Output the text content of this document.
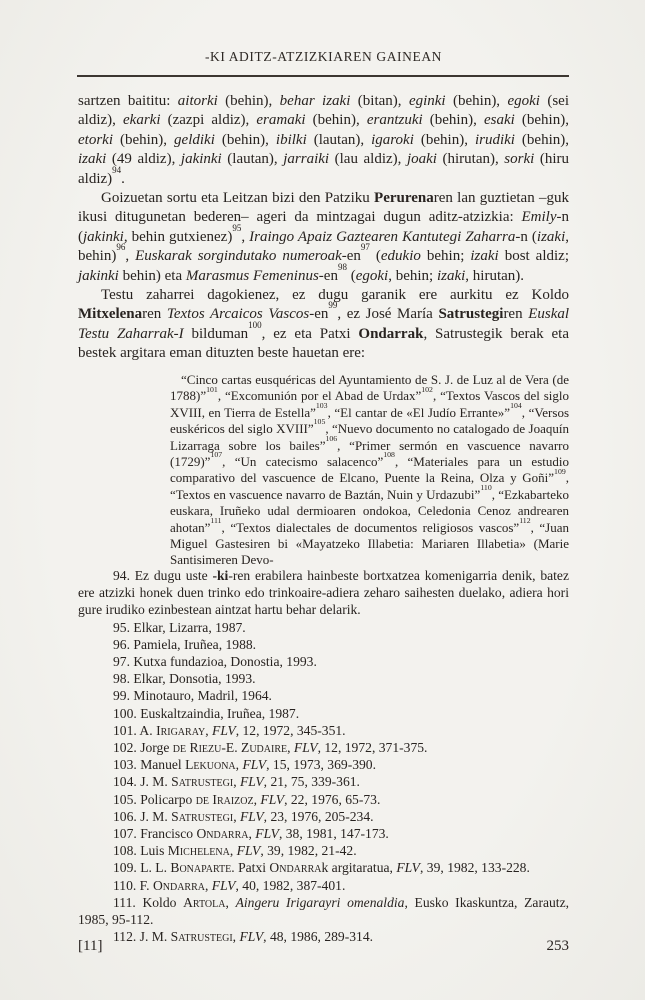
-KI ADITZ-ATZIZKIAREN GAINEAN

sartzen baititu: aitorki (behin), behar izaki (bitan), eginki (behin), egoki (sei aldiz), ekarki (zazpi aldiz), eramaki (behin), erantzuki (behin), esaki (behin), etorki (behin), geldiki (behin), ibilki (lautan), igaroki (behin), irudiki (behin), izaki (49 aldiz), jakinki (lautan), jarraiki (lau aldiz), joaki (hirutan), sorki (hiru aldiz)$^{94}$.

Goizuetan sortu eta Leitzan bizi den Patziku Perurenaren lan guztietan –guk ikusi ditugunetan bederen– ageri da mintzagai dugun aditz-atzizkia: Emily-n (jakinki, behin gutxienez)$^{95}$, Iraingo Apaiz Gaztearen Kantutegi Zaharra-n (izaki, behin)$^{96}$, Euskarak sorgindutako numeroak-$en^{97}$ (edukio behin; izaki bost aldiz; jakinki behin) eta Marasmus Femeninus-$en^{98}$ (egoki, behin; izaki, hirutan).

Testu zaharrei dagokienez, ez dugu garanik ere aurkitu ez Koldo Mitxelenaren Textos Arcaicos Vascos-$en^{99}$, ez José María Satrustegiren Euskal Testu Zaharrak-I bilduman$^{100}$, ez eta Patxi Ondarrak, Satrustegik berak eta bestek argitara eman dituzten beste hauetan ere:

“Cinco cartas eusquéricas del Ayuntamiento de S. J. de Luz al de Vera (de 1788)”$^{101}$, “Excomunión por el Abad de Urdax”$^{102}$, “Textos Vascos del siglo XVIII, en Tierra de Estella”$^{103}$, “El cantar de «El Judío Errante»”$^{104}$, “Versos euskéricos del siglo XVIII”$^{105}$, “Nuevo documento no catalogado de Joaquín Lizarraga sobre los bailes”$^{106}$, “Primer sermón en vascuence navarro (1729)”$^{107}$, “Un catecismo salacenco”$^{108}$, “Materiales para un estudio comparativo del vascuence de Elcano, Puente la Reina, Olza y Goñi”$^{109}$, “Textos en vascuence navarro de Baztán, Nuin y Urdazubi”$^{110}$, “Ezkabarteko euskara, Iruñeko udal dermioaren ondokoa, Celedonia Cenoz andrearen ahotan”$^{111}$, “Textos dialectales de documentos religiosos vascos”$^{112}$, “Juan Miguel Gastesiren bi «Mayatzeko Illabetia: Mariaren Illabetia» (Marie Santisimeren Devo-

94. Ez dugu uste -ki-ren erabilera hainbeste bortxatzea komenigarria denik, batez ere atzizki honek duen trinko edo trinkoaire-adiera zeharo saihesten duelako, adiera hori gure irudiko ezinbestean aintzat hartu behar delarik.

95. Elkar, Lizarra, 1987.

96. Pamiela, Iruñea, 1988.

97. Kutxa fundazioa, Donostia, 1993.

98. Elkar, Donsotia, 1993.

99. Minotauro, Madril, 1964.

100. Euskaltzaindia, Iruñea, 1987.

101. A. Irigaray, FLV, 12, 1972, 345-351.

102. Jorge de Riezu-E. Zudaire, FLV, 12, 1972, 371-375.

103. Manuel Lekuona, FLV, 15, 1973, 369-390.

104. J. M. Satrustegi, FLV, 21, 75, 339-361.

105. Policarpo de Iraizoz, FLV, 22, 1976, 65-73.

106. J. M. Satrustegi, FLV, 23, 1976, 205-234.

107. Francisco Ondarra, FLV, 38, 1981, 147-173.

108. Luis Michelena, FLV, 39, 1982, 21-42.

109. L. L. Bonaparte. Patxi Ondarrak argitaratua, FLV, 39, 1982, 133-228.

110. F. Ondarra, FLV, 40, 1982, 387-401.

111. Koldo Artola, Aingeru Irigarayri omenaldia, Eusko Ikaskuntza, Zarautz, 1985, 95-112.

112. J. M. Satrustegi, FLV, 48, 1986, 289-314.

[11]	253
